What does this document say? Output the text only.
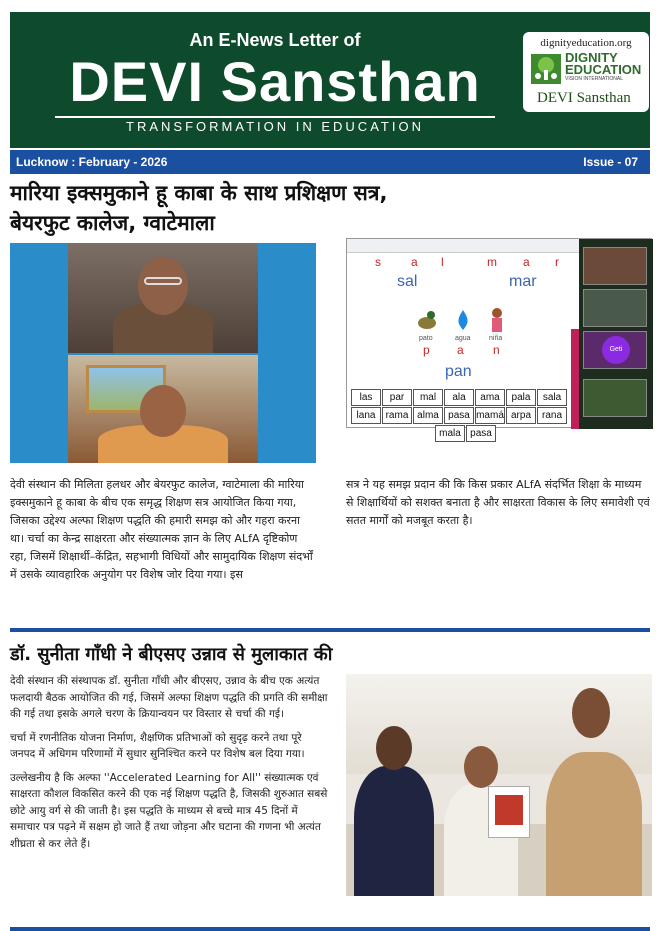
An E-News Letter of
DEVI Sansthan
TRANSFORMATION IN EDUCATION
dignityeducation.org
DIGNITY EDUCATION
VISION INTERNATIONAL
DEVI Sansthan
Lucknow : February - 2026	Issue - 07
मारिया इक्समुकाने हू काबा के साथ प्रशिक्षण सत्र,
बेयरफुट कालेज, ग्वाटेमाला
s	a l	m a r
sal	mar
pato	agua	niña
p a n
pan
las	par	mal	ala	ama	pala	sala
lana	rama alma pasa mamá arpa	rana
mala pasa
Geti
देवी संस्थान की मिलिता हलधर और बेयरफुट कालेज, ग्वाटेमाला की मारिया इक्समुकाने हू काबा के बीच एक समृद्ध शिक्षण सत्र आयोजित किया गया, जिसका उद्देश्य अल्फा शिक्षण पद्धति की हमारी समझ को और गहरा करना था। चर्चा का केन्द्र साक्षरता और संख्यात्मक ज्ञान के लिए ALfA दृष्टिकोण रहा, जिसमें शिक्षार्थी–केंद्रित, सहभागी विधियों और सामुदायिक शिक्षण संदर्भों में उसके व्यावहारिक अनुयोग पर विशेष जोर दिया गया। इस
सत्र ने यह समझ प्रदान की कि किस प्रकार ALfA संदर्भित शिक्षा के माध्यम से शिक्षार्थियों को सशक्त बनाता है और साक्षरता विकास के लिए समावेशी एवं सतत मार्गों को मजबूत करता है।
डॉ. सुनीता गाँधी ने बीएसए उन्नाव से मुलाकात की

देवी संस्थान की संस्थापक डॉ. सुनीता गाँधी और बीएसए, उन्नाव के बीच एक अत्यंत फलदायी बैठक आयोजित की गई, जिसमें अल्फा शिक्षण पद्धति की प्रगति की समीक्षा की गई तथा इसके अगले चरण के क्रियान्वयन पर विस्तार से चर्चा की गई।

चर्चा में रणनीतिक योजना निर्माण, शैक्षणिक प्रतिभाओं को सुदृढ़ करने तथा पूरे जनपद में अधिगम परिणामों में सुधार सुनिश्चित करने पर विशेष बल दिया गया।

उल्लेखनीय है कि अल्फा ''Accelerated Learning for All'' संख्यात्मक एवं साक्षरता कौशल विकसित करने की एक नई शिक्षण पद्धति है, जिसकी शुरुआत सबसे छोटे आयु वर्ग से की जाती है। इस पद्धति के माध्यम से बच्चे मात्र 45 दिनों में समाचार पत्र पढ़ने में सक्षम हो जाते हैं तथा जोड़ना और घटाना की गणना भी अत्यंत शीघ्रता से कर लेते हैं।
